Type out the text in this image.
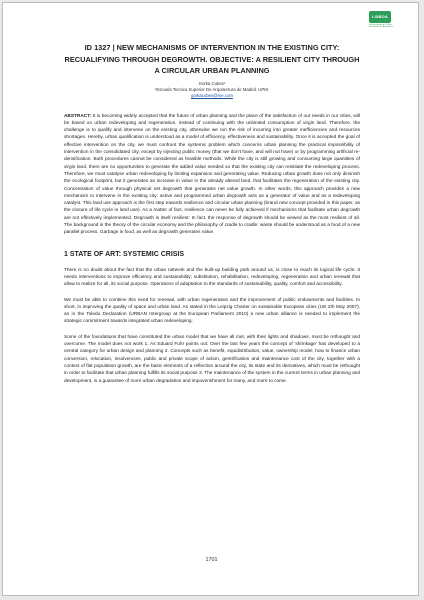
LISBOA
Universidade de Lisboa · Faculdade de Arquitetura

ID 1327 | NEW MECHANISMS OF INTERVENTION IN THE EXISTING CITY: RECUALIFYING THROUGH DEGROWTH. OBJECTIVE: A RESILIENT CITY THROUGH A CIRCULAR URBAN PLANNING

Gorka Cubes¹
¹Escuela Tecnica Superior De Arquitectura de Madrid. UPM.
gorkacubes@me.com
ABSTRACT: It is becoming widely accepted that the future of urban planning and the place of the satisfaction of our needs in our cities, will be based on urban redeveloping and regeneration, instead of continuing with the unlimited consumption of virgin land. Therefore, the challenge is to qualify and intervene on the existing city, otherwise we run the risk of incurring into greater inefficiencies and resources shortages. Hereby, urban qualification is understood as a model of efficiency, effectiveness and sustainability. Once it is accepted the goal of effective intervention on the city, we must confront the systemic problem which concerns urban planning the practical impossibility of intervention in the consolidated city, except by injecting public money (that we don't have, and will not have) or by programming artificial re-densification. Both procedures cannot be considered as feasible methods. While the city is still growing and consuming large quantities of virgin land, there are no opportunities to generate the added value needed so that the existing city can reinitiate the redeveloping process. Therefore, we must catalyse urban redeveloping by limiting expansion and generating value. Reducing urban growth does not only diminish the ecological footprint, but it generates an increase in value in the already altered land, that facilitates the regeneration of the existing city. Concentration of value through physical net degrowth that generates net value growth. In other words, this approach provides a new mechanism to intervene in the existing city: active and programmed urban degrowth acts as a generator of value and as a redeveloping catalyst. This land use approach is the first step towards resilience and circular urban planning (brand new concept provided in this paper, as the closure of life cycle in land use). As a matter of fact, resilience can never be fully achieved if mechanisms that facilitate urban degrowth are not effectively implemented. Degrowth is itself resilient: In fact, the response of degrowth should be viewed as the most resilient of all. The background is the theory of the circular economy and the philosophy of cradle to cradle: waste should be understood as a food of a new parallel process. Garbage is food, as well as degrowth generates value.
1 STATE OF ART: SYSTEMIC CRISIS

There is no doubt about the fact that the urban network and the built-up building park around us, is close to reach its logical life cycle. It needs interventions to improve efficiency and sustainability; substitution, rehabilitation, redeveloping, regeneration and urban renewal that allow to realize for all, its social purpose. Operations of adaptation to the standards of sustainability, quality, comfort and accessibility.

We must be able to combine this need for renewal, with urban regeneration and the improvement of public endowments and facilities. In short, in improving the quality of space and urban land. As stated in the Leipzig Charter on sustainable European cities (UE 2th May 2007), an in the Toledo Declaration (URBAN Intergroup at the European Parliament 2010) a new urban alliance is needed to implement the strategic commitment towards integrated urban redeveloping.

Some of the foundations that have constituted the urban model that we have all met, with their lights and shadows, must be rethought and overcome. The model does not work 1. As Eduard Fuhr points out: Over the last few years the concept of 'shrinkage' has developed to a central category for urban design and planning 2. Concepts such as benefit, equidistribution, value, ownership model, how to finance urban conversion, relocation, insolvencies, public and private scope of action, gentrification and maintenance cost of the city, together with a context of flat population growth, are the basic elements of a reflection around the city, its state and its derivatives, which must be rethought in order to facilitate that urban planning fulfills its social purpose 3. The maintenance of the system in the current terms in urban planning and development, is a guarantee of more urban degradation and impoverishment for many, and more to come.

1701
